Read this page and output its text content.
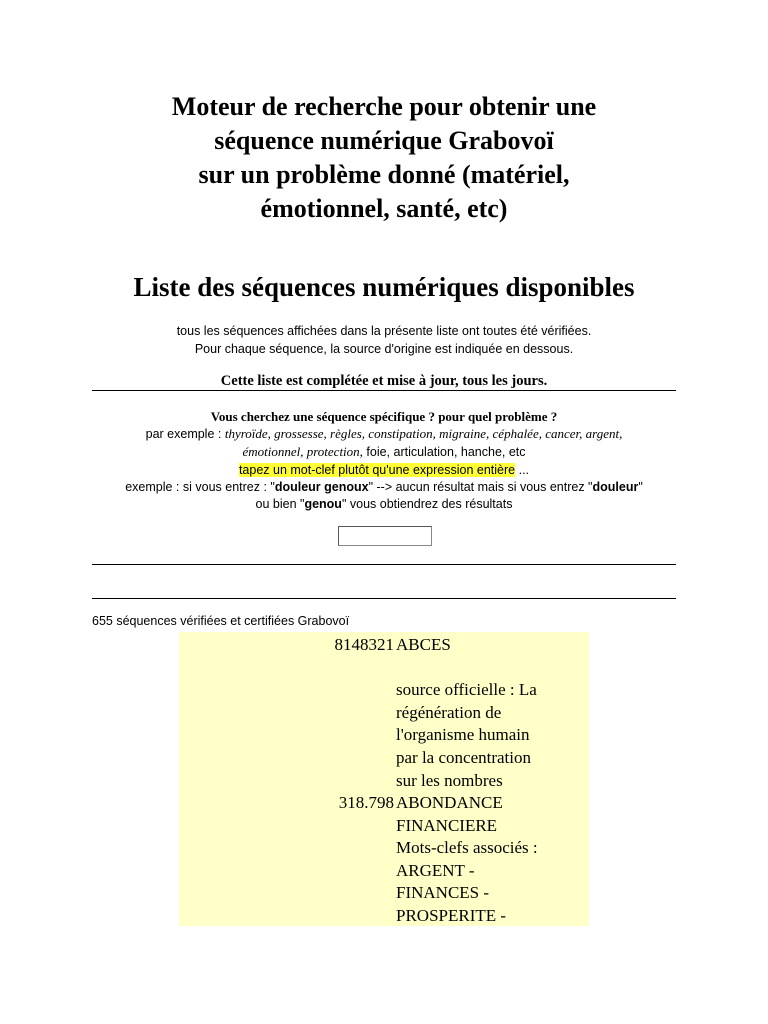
Moteur de recherche pour obtenir une
séquence numérique Grabovoï
sur un problème donné (matériel,
émotionnel, santé, etc)
Liste des séquences numériques disponibles
tous les séquences affichées dans la présente liste ont toutes été vérifiées.
Pour chaque séquence, la source d'origine est indiquée en dessous.
Cette liste est complétée et mise à jour, tous les jours.
Vous cherchez une séquence spécifique ? pour quel problème ?
par exemple : thyroïde, grossesse, règles, constipation, migraine, céphalée, cancer, argent,
émotionnel, protection, foie, articulation, hanche, etc
tapez un mot-clef plutôt qu'une expression entière ...
exemple : si vous entrez : "douleur genoux" --> aucun résultat mais si vous entrez "douleur"
ou bien "genou" vous obtiendrez des résultats
655 séquences vérifiées et certifiées Grabovoï
8148321 ABCES
source officielle : La
régénération de
l'organisme humain
par la concentration
sur les nombres
318.798 ABONDANCE
FINANCIERE
Mots-clefs associés :
ARGENT -
FINANCES -
PROSPERITE -
